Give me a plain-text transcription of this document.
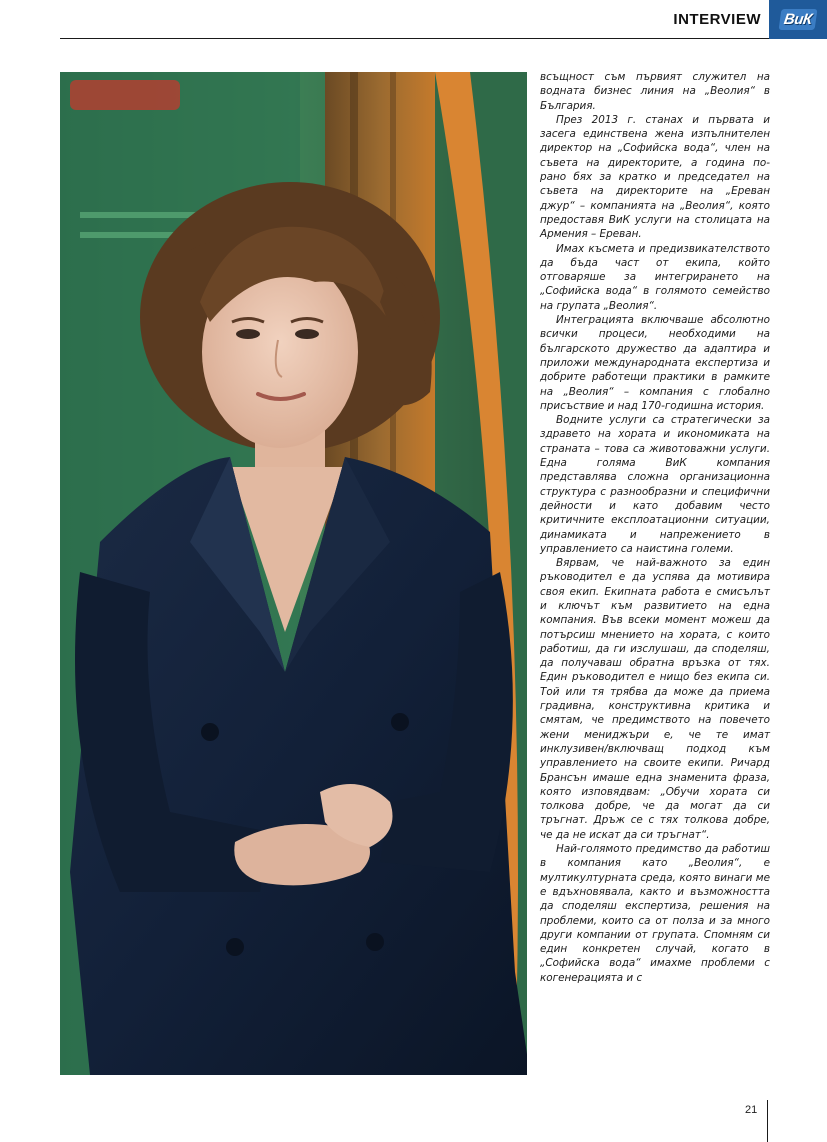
INTERVIEW ВиК

всъщност съм първият служител на водната бизнес линия на „Веолия“ в България.

През 2013 г. станах и първата и засега единствена жена изпълнителен директор на „Софийска вода“, член на съвета на директорите, а година по-рано бях за кратко и председател на съвета на директорите на „Ереван джур“ – компанията на „Веолия“, която предоставя ВиК услуги на столицата на Армения – Ереван.

Имах късмета и предизвикателството да бъда част от екипа, който отговаряше за интегрирането на „Софийска вода“ в голямото семейство на групата „Веолия“.

Интеграцията включваше абсолютно всички процеси, необходими на българското дружество да адаптира и приложи международната експертиза и добрите работещи практики в рамките на „Веолия“ – компания с глобално присъствие и над 170-годишна история.

Водните услуги са стратегически за здравето на хората и икономиката на страната – това са животоважни услуги. Една голяма ВиК компания представлява сложна организационна структура с разнообразни и специфични дейности и като добавим често критичните експлоатационни ситуации, динамиката и напрежението в управлението са наистина големи.

Вярвам, че най-важното за един ръководител е да успява да мотивира своя екип. Екипната работа е смисълът и ключът към развитието на една компания. Във всеки момент можеш да потърсиш мнението на хората, с които работиш, да ги изслушаш, да споделяш, да получаваш обратна връзка от тях. Един ръководител е нищо без екипа си. Той или тя трябва да може да приема градивна, конструктивна критика и смятам, че предимството на повечето жени мениджъри е, че те имат инклузивен/включващ подход към управлението на своите екипи. Ричард Брансън имаше една знаменита фраза, която изповядвам: „Обучи хората си толкова добре, че да могат да си тръгнат. Дръж се с тях толкова добре, че да не искат да си тръгнат“.

Най-голямото предимство да работиш в компания като „Веолия“, е мултикултурната среда, която винаги ме е вдъхновявала, както и възможността да споделяш експертиза, решения на проблеми, които са от полза и за много други компании от групата. Спомням си един конкретен случай, когато в „Софийска вода“ имахме проблеми с когенерацията и с

21
